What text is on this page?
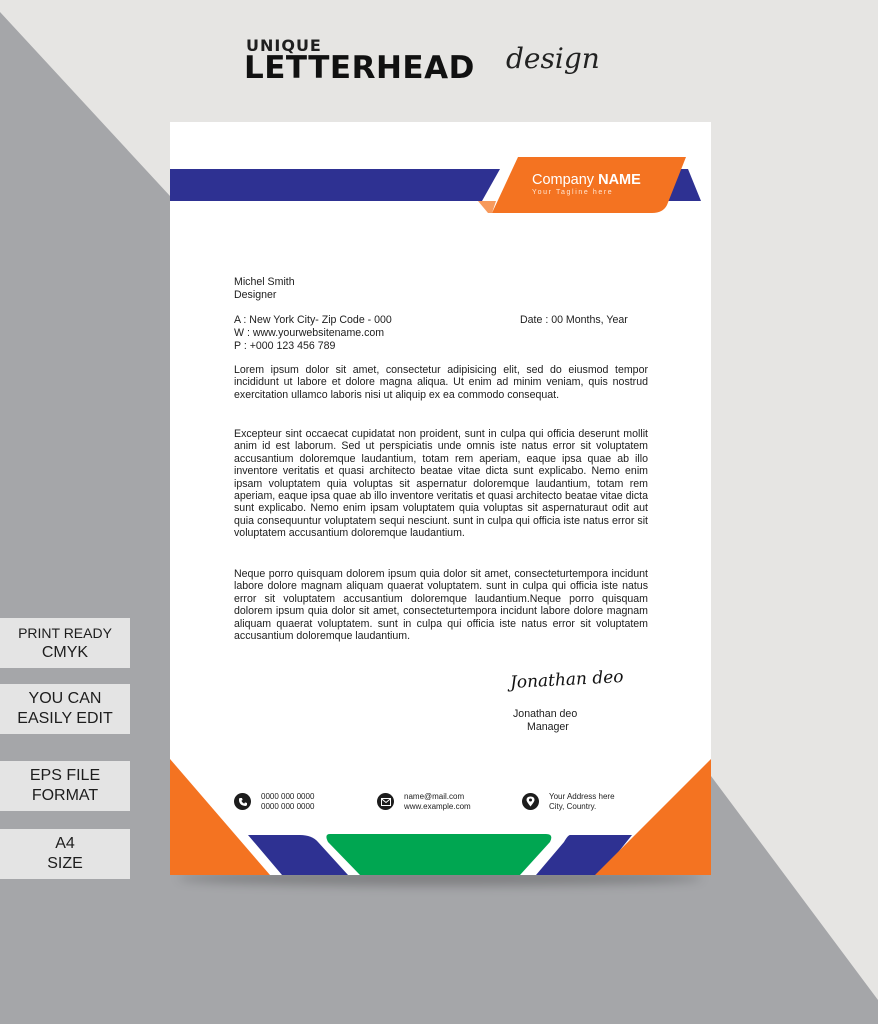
UNIQUE
LETTERHEAD design
Company NAME
Your Tagline here
Michel Smith
Designer
A : New York City- Zip Code - 000
W : www.yourwebsitename.com
P : +000 123 456 789
Date : 00 Months, Year

Lorem ipsum dolor sit amet, consectetur adipisicing elit, sed do eiusmod tempor incididunt ut labore et dolore magna aliqua. Ut enim ad minim veniam, quis nostrud exercitation ullamco laboris nisi ut aliquip ex ea commodo consequat.

Excepteur sint occaecat cupidatat non proident, sunt in culpa qui officia deserunt mollit anim id est laborum. Sed ut perspiciatis unde omnis iste natus error sit voluptatem accusantium doloremque laudantium, totam rem aperiam, eaque ipsa quae ab illo inventore veritatis et quasi architecto beatae vitae dicta sunt explicabo. Nemo enim ipsam voluptatem quia voluptas sit aspernatur doloremque laudantium, totam rem aperiam, eaque ipsa quae ab illo inventore veritatis et quasi architecto beatae vitae dicta sunt explicabo. Nemo enim ipsam voluptatem quia voluptas sit aspernaturaut odit aut quia consequuntur voluptatem sequi nesciunt. sunt in culpa qui officia iste natus error sit voluptatem accusantium doloremque laudantium.

Neque porro quisquam dolorem ipsum quia dolor sit amet, consecteturtempora incidunt labore dolore magnam aliquam quaerat voluptatem. sunt in culpa qui officia iste natus error sit voluptatem accusantium doloremque laudantium.Neque porro quisquam dolorem ipsum quia dolor sit amet, consecteturtempora incidunt labore dolore magnam aliquam quaerat voluptatem. sunt in culpa qui officia iste natus error sit voluptatem accusantium doloremque laudantium.

Jonathan deo
Jonathan deo
Manager
0000 000 0000
0000 000 0000
name@mail.com
www.example.com
Your Address here
City, Country.
PRINT READY
CMYK
YOU CAN
EASILY EDIT
EPS FILE
FORMAT
A4
SIZE
